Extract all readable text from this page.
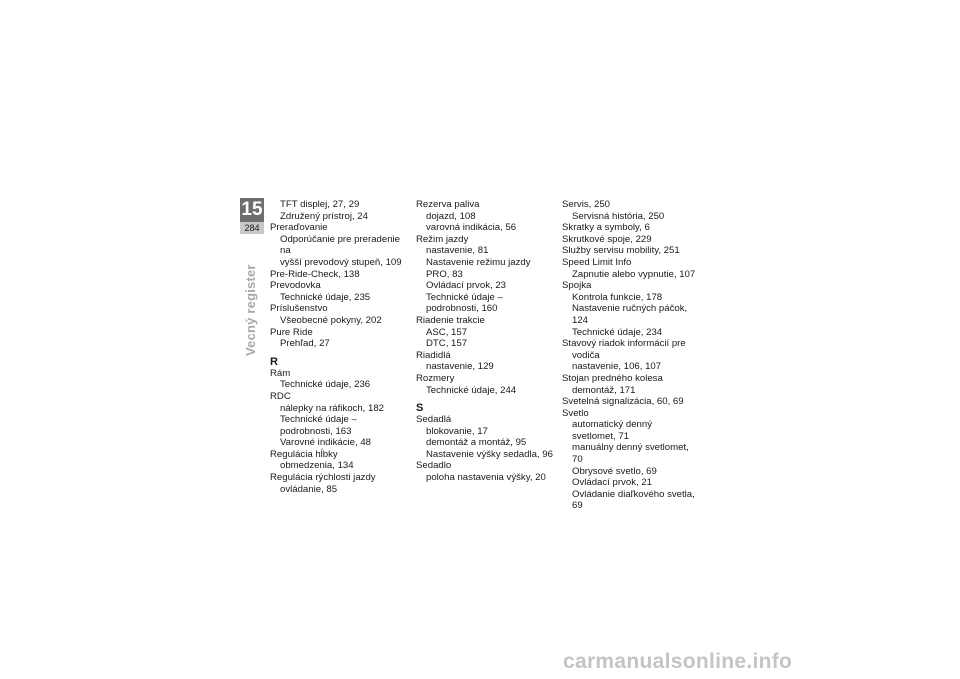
15
284
Vecný register
TFT displej, 27, 29
Združený prístroj, 24
Preraďovanie
Odporúčanie pre preradenie na
vyšší prevodový stupeň, 109
Pre-Ride-Check, 138
Prevodovka
Technické údaje, 235
Príslušenstvo
Všeobecné pokyny, 202
Pure Ride
Prehľad, 27
R
Rám
Technické údaje, 236
RDC
nálepky na ráfikoch, 182
Technické údaje –
podrobnosti, 163
Varovné indikácie, 48
Regulácia hĺbky
obmedzenia, 134
Regulácia rýchlosti jazdy
ovládanie, 85
Rezerva paliva
dojazd, 108
varovná indikácia, 56
Režim jazdy
nastavenie, 81
Nastavenie režimu jazdy
PRO, 83
Ovládací prvok, 23
Technické údaje –
podrobnosti, 160
Riadenie trakcie
ASC, 157
DTC, 157
Riadidlá
nastavenie, 129
Rozmery
Technické údaje, 244
S
Sedadlá
blokovanie, 17
demontáž a montáž, 95
Nastavenie výšky sedadla, 96
Sedadlo
poloha nastavenia výšky, 20
Servis, 250
Servisná história, 250
Skratky a symboly, 6
Skrutkové spoje, 229
Služby servisu mobility, 251
Speed Limit Info
Zapnutie alebo vypnutie, 107
Spojka
Kontrola funkcie, 178
Nastavenie ručných páčok, 124
Technické údaje, 234
Stavový riadok informácií pre
vodiča
nastavenie, 106, 107
Stojan predného kolesa
demontáž, 171
Svetelná signalizácia, 60, 69
Svetlo
automatický denný
svetlomet, 71
manuálny denný svetlomet, 70
Obrysové svetlo, 69
Ovládací prvok, 21
Ovládanie diaľkového svetla, 69
carmanualsonline.info
